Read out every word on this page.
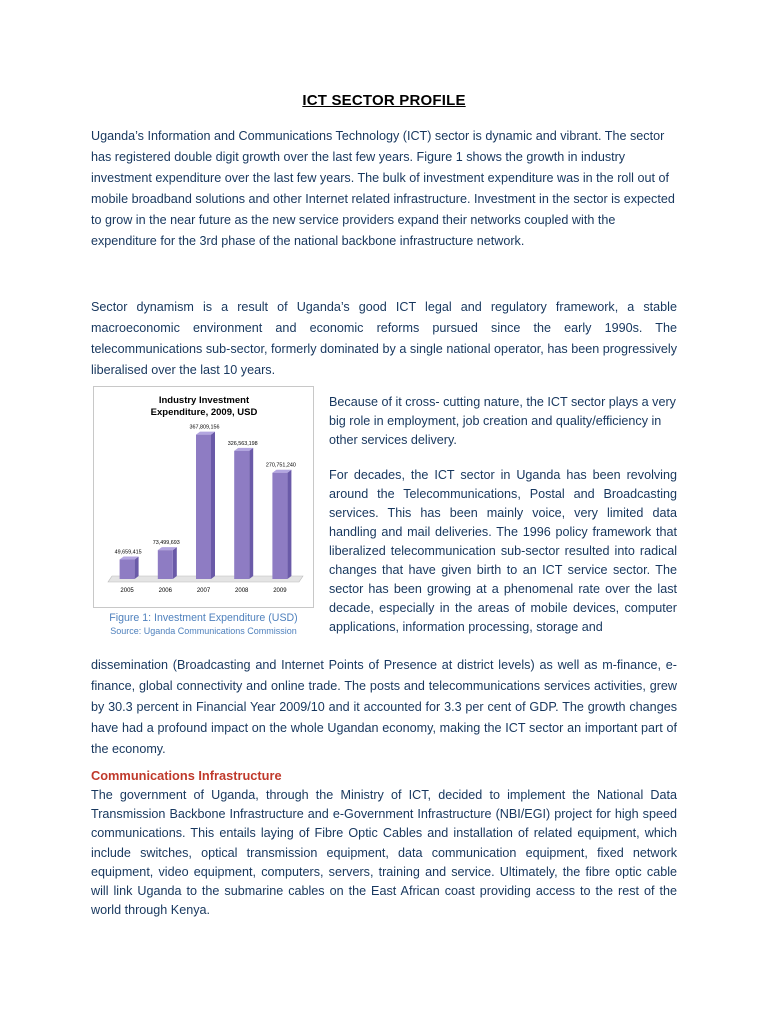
ICT SECTOR PROFILE
Uganda’s Information and Communications Technology (ICT) sector is dynamic and vibrant. The sector has registered double digit growth over the last few years. Figure 1 shows the growth in industry investment expenditure over the last few years. The bulk of investment expenditure was in the roll out of mobile broadband solutions and other Internet related infrastructure. Investment in the sector is expected to grow in the near future as the new service providers expand their networks coupled with the expenditure for the 3rd phase of the national backbone infrastructure network.
Sector dynamism is a result of Uganda’s good ICT legal and regulatory framework, a stable macroeconomic environment and economic reforms pursued since the early 1990s. The telecommunications sub-sector, formerly dominated by a single national operator, has been progressively liberalised over the last 10 years.
Industry Investment
Expenditure, 2009, USD
49,659,415
73,499,693
367,809,156
326,563,198
270,751,240
2005	2006	2007	2008	2009
Figure 1: Investment Expenditure (USD)
Source: Uganda Communications Commission
Because of it cross- cutting nature, the ICT sector plays a very big role in employment, job creation and quality/efficiency in other services delivery.
For decades, the ICT sector in Uganda has been revolving around the Telecommunications, Postal and Broadcasting services. This has been mainly voice, very limited data handling and mail deliveries. The 1996 policy framework that liberalized telecommunication sub-sector resulted into radical changes that have given birth to an ICT service sector. The sector has been growing at a phenomenal rate over the last decade, especially in the areas of mobile devices, computer applications, information processing, storage and
dissemination (Broadcasting and Internet Points of Presence at district levels) as well as m-finance, e-finance, global connectivity and online trade. The posts and telecommunications services activities, grew by 30.3 percent in Financial Year 2009/10 and it accounted for 3.3 per cent of GDP. The growth changes have had a profound impact on the whole Ugandan economy, making the ICT sector an important part of the economy.
Communications Infrastructure
The government of Uganda, through the Ministry of ICT, decided to implement the National Data Transmission Backbone Infrastructure and e-Government Infrastructure (NBI/EGI) project for high speed communications. This entails laying of Fibre Optic Cables and installation of related equipment, which include switches, optical transmission equipment, data communication equipment, fixed network equipment, video equipment, computers, servers, training and service. Ultimately, the fibre optic cable will link Uganda to the submarine cables on the East African coast providing access to the rest of the world through Kenya.
